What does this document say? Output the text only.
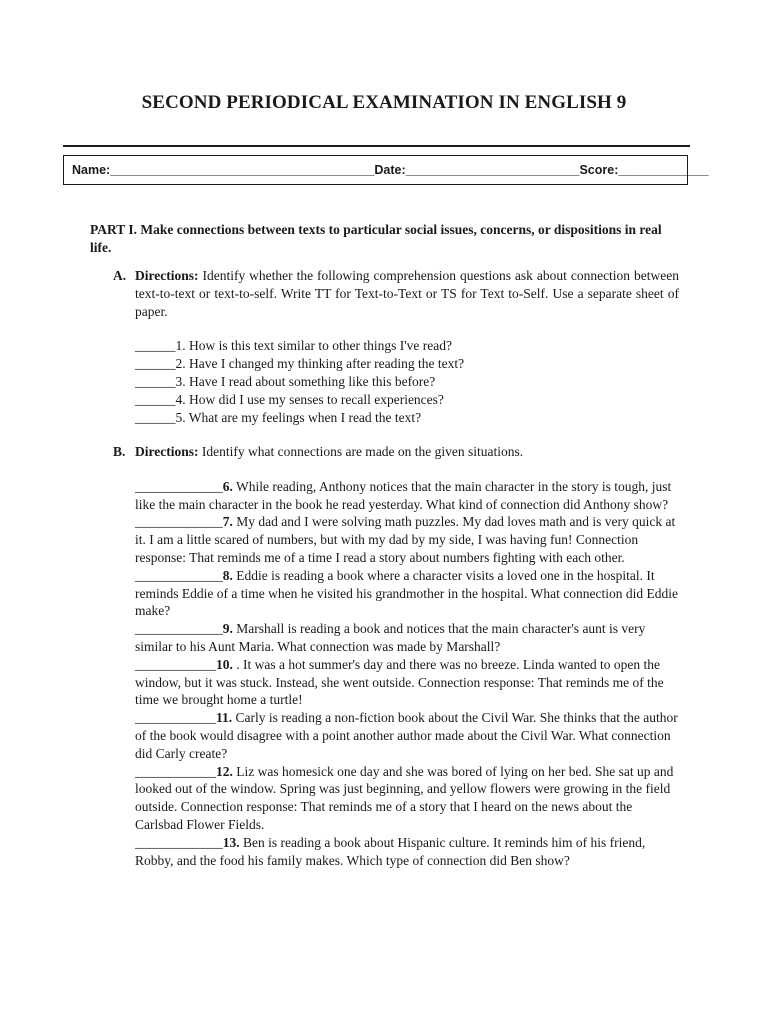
SECOND PERIODICAL EXAMINATION IN ENGLISH 9
Name:______________________________________ Date:_________________________ Score:_____________
PART I. Make connections between texts to particular social issues, concerns, or dispositions in real life.
A. Directions: Identify whether the following comprehension questions ask about connection between text-to-text or text-to-self. Write TT for Text-to-Text or TS for Text to-Self. Use a separate sheet of paper.
______1. How is this text similar to other things I've read?
______2. Have I changed my thinking after reading the text?
______3. Have I read about something like this before?
______4. How did I use my senses to recall experiences?
______5. What are my feelings when I read the text?
B. Directions: Identify what connections are made on the given situations.

_____________6. While reading, Anthony notices that the main character in the story is tough, just like the main character in the book he read yesterday. What kind of connection did Anthony show?

_____________7. My dad and I were solving math puzzles. My dad loves math and is very quick at it. I am a little scared of numbers, but with my dad by my side, I was having fun! Connection response: That reminds me of a time I read a story about numbers fighting with each other.

_____________8. Eddie is reading a book where a character visits a loved one in the hospital. It reminds Eddie of a time when he visited his grandmother in the hospital. What connection did Eddie make?

_____________9. Marshall is reading a book and notices that the main character's aunt is very similar to his Aunt Maria. What connection was made by Marshall?

____________10. . It was a hot summer's day and there was no breeze. Linda wanted to open the window, but it was stuck. Instead, she went outside. Connection response: That reminds me of the time we brought home a turtle!

____________11. Carly is reading a non-fiction book about the Civil War. She thinks that the author of the book would disagree with a point another author made about the Civil War. What connection did Carly create?

____________12. Liz was homesick one day and she was bored of lying on her bed. She sat up and looked out of the window. Spring was just beginning, and yellow flowers were growing in the field outside. Connection response: That reminds me of a story that I heard on the news about the Carlsbad Flower Fields.

_____________13. Ben is reading a book about Hispanic culture. It reminds him of his friend, Robby, and the food his family makes. Which type of connection did Ben show?
